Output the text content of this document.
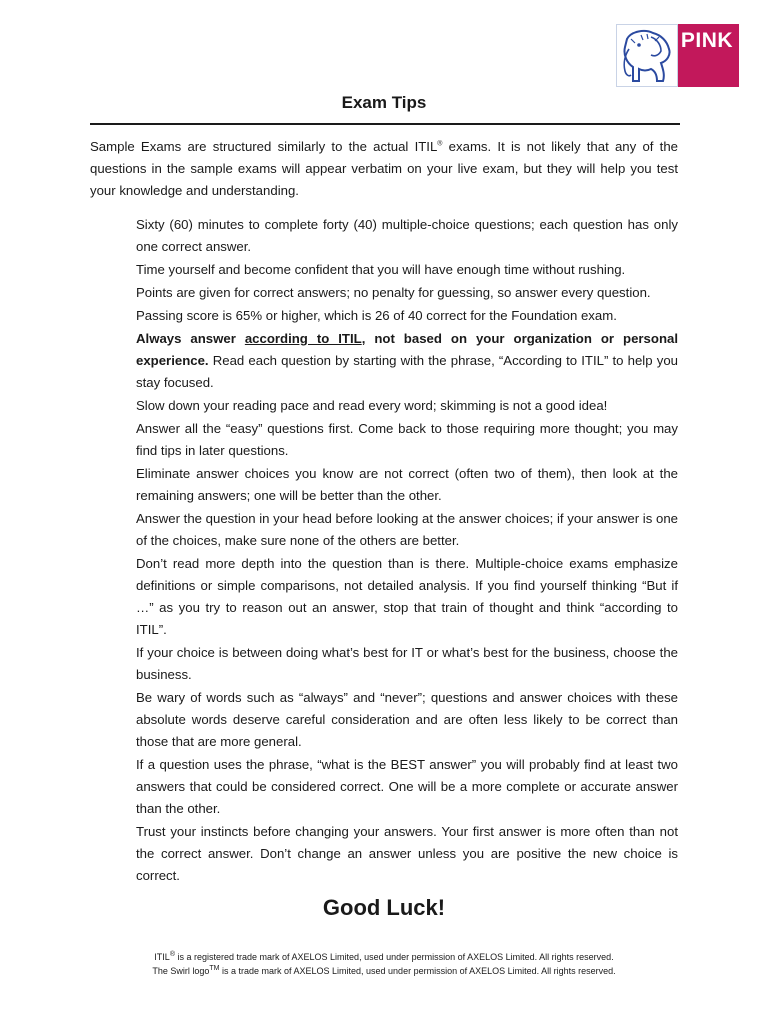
PINK
Exam Tips

Sample Exams are structured similarly to the actual ITIL® exams. It is not likely that any of the questions in the sample exams will appear verbatim on your live exam, but they will help you test your knowledge and understanding.

Sixty (60) minutes to complete forty (40) multiple-choice questions; each question has only one correct answer.
Time yourself and become confident that you will have enough time without rushing.
Points are given for correct answers; no penalty for guessing, so answer every question.
Passing score is 65% or higher, which is 26 of 40 correct for the Foundation exam.
Always answer according to ITIL, not based on your organization or personal experience. Read each question by starting with the phrase, “According to ITIL” to help you stay focused.
Slow down your reading pace and read every word; skimming is not a good idea!
Answer all the “easy” questions first. Come back to those requiring more thought; you may find tips in later questions.
Eliminate answer choices you know are not correct (often two of them), then look at the remaining answers; one will be better than the other.
Answer the question in your head before looking at the answer choices; if your answer is one of the choices, make sure none of the others are better.
Don’t read more depth into the question than is there. Multiple-choice exams emphasize definitions or simple comparisons, not detailed analysis. If you find yourself thinking “But if …” as you try to reason out an answer, stop that train of thought and think “according to ITIL”.
If your choice is between doing what’s best for IT or what’s best for the business, choose the business.
Be wary of words such as “always” and “never”; questions and answer choices with these absolute words deserve careful consideration and are often less likely to be correct than those that are more general.
If a question uses the phrase, “what is the BEST answer” you will probably find at least two answers that could be considered correct. One will be a more complete or accurate answer than the other.
Trust your instincts before changing your answers. Your first answer is more often than not the correct answer. Don’t change an answer unless you are positive the new choice is correct.
Good Luck!
ITIL® is a registered trade mark of AXELOS Limited, used under permission of AXELOS Limited. All rights reserved.
The Swirl logo™ is a trade mark of AXELOS Limited, used under permission of AXELOS Limited. All rights reserved.
